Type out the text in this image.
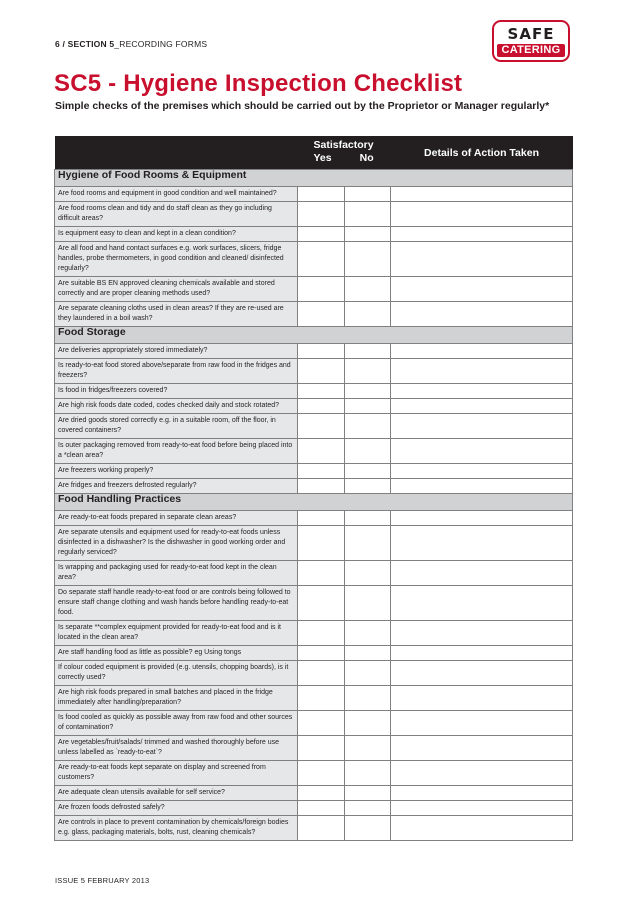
6 / SECTION 5_RECORDING FORMS
SAFE
CATERING
SC5 - Hygiene Inspection Checklist
Simple checks of the premises which should be carried out by the Proprietor or Manager regularly*

	Satisfactory
Yes No		Details of Action Taken
Hygiene of Food Rooms & Equipment			
Are food rooms and equipment in good condition and well maintained?			
Are food rooms clean and tidy and do staff clean as they go including difficult areas?			
Is equipment easy to clean and kept in a clean condition?			
Are all food and hand contact surfaces e.g. work surfaces, slicers, fridge handles, probe thermometers, in good condition and cleaned/ disinfected regularly?			
Are suitable BS EN approved cleaning chemicals available and stored correctly and are proper cleaning methods used?			
Are separate cleaning cloths used in clean areas? If they are re-used are they laundered in a boil wash?			
Food Storage			
Are deliveries appropriately stored immediately?			
Is ready-to-eat food stored above/separate from raw food in the fridges and freezers?			
Is food in fridges/freezers covered?			
Are high risk foods date coded, codes checked daily and stock rotated?			
Are dried goods stored correctly e.g. in a suitable room, off the floor, in covered containers?			
Is outer packaging removed from ready-to-eat food before being placed into a *clean area?			
Are freezers working properly?			
Are fridges and freezers defrosted regularly?			
Food Handling Practices			
Are ready-to-eat foods prepared in separate clean areas?			
Are separate utensils and equipment used for ready-to-eat foods unless disinfected in a dishwasher? Is the dishwasher in good working order and regularly serviced?			
Is wrapping and packaging used for ready-to-eat food kept in the clean area?			
Do separate staff handle ready-to-eat food or are controls being followed to ensure staff change clothing and wash hands before handling ready-to-eat food.			
Is separate **complex equipment provided for ready-to-eat food and is it located in the clean area?			
Are staff handling food as little as possible? eg Using tongs			
If colour coded equipment is provided (e.g. utensils, chopping boards), is it correctly used?			
Are high risk foods prepared in small batches and placed in the fridge immediately after handling/preparation?			
Is food cooled as quickly as possible away from raw food and other sources of contamination?			
Are vegetables/fruit/salads/ trimmed and washed thoroughly before use unless labelled as `ready-to-eat`?			
Are ready-to-eat foods kept separate on display and screened from customers?			
Are adequate clean utensils available for self service?			
Are frozen foods defrosted safely?			
Are controls in place to prevent contamination by chemicals/foreign bodies e.g. glass, packaging materials, bolts, rust, cleaning chemicals?			
ISSUE 5 FEBRUARY 2013
